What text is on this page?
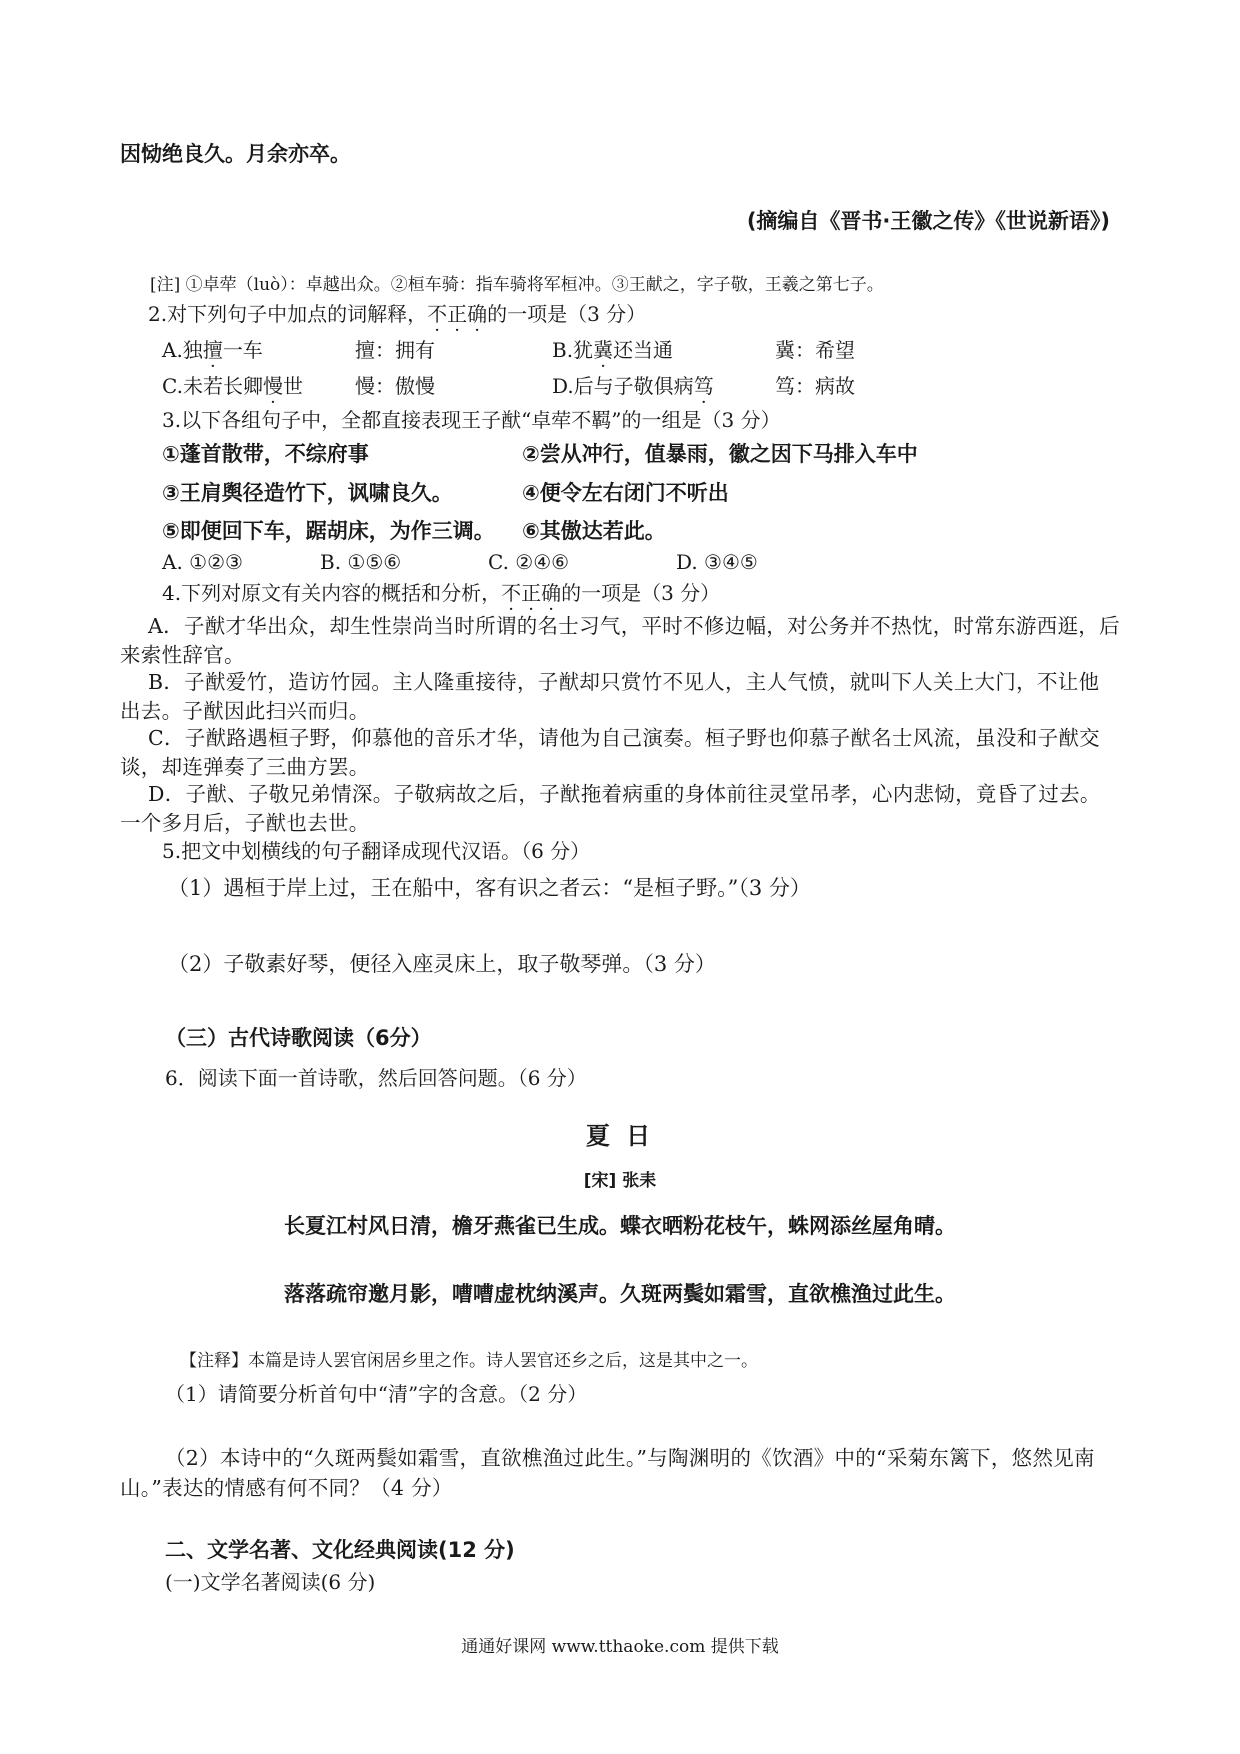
因恸绝良久。月余亦卒。
(摘编自《晋书·王徽之传》《世说新语》)
[注] ①卓荦（luò）：卓越出众。②桓车骑：指车骑将军桓冲。③王献之，字子敬，王羲之第七子。
2.对下列句子中加点的词解释，不正确的一项是（3 分）
A.独擅一车	擅：拥有	B.犹冀还当通	冀：希望
C.未若长卿慢世	慢：傲慢	D.后与子敬俱病笃	笃：病故
3.以下各组句子中，全都直接表现王子猷“卓荦不羁”的一组是（3 分）
①蓬首散带，不综府事	②尝从冲行，值暴雨，徽之因下马排入车中
③王肩舆径造竹下，讽啸良久。	④便令左右闭门不听出
⑤即便回下车，踞胡床，为作三调。 ⑥其傲达若此。
A. ①②③	B. ①⑤⑥	C. ②④⑥	D. ③④⑤
4.下列对原文有关内容的概括和分析，不正确的一项是（3 分）
A．子猷才华出众，却生性崇尚当时所谓的名士习气，平时不修边幅，对公务并不热忱，时常东游西逛，后来索性辞官。
B．子猷爱竹，造访竹园。主人隆重接待，子猷却只赏竹不见人，主人气愤，就叫下人关上大门，不让他出去。子猷因此扫兴而归。
C．子猷路遇桓子野，仰慕他的音乐才华，请他为自己演奏。桓子野也仰慕子猷名士风流，虽没和子猷交谈，却连弹奏了三曲方罢。
D．子猷、子敬兄弟情深。子敬病故之后，子猷拖着病重的身体前往灵堂吊孝，心内悲恸，竟昏了过去。一个多月后，子猷也去世。
5.把文中划横线的句子翻译成现代汉语。（6 分）
（1）遇桓于岸上过，王在船中，客有识之者云：“是桓子野。”（3 分）
（2）子敬素好琴，便径入座灵床上，取子敬琴弹。（3 分）
（三）古代诗歌阅读（6分）
6．阅读下面一首诗歌，然后回答问题。（6 分）
夏 日
[宋] 张耒
长夏江村风日清，檐牙燕雀已生成。蝶衣晒粉花枝午，蛛网添丝屋角晴。
落落疏帘邀月影，嘈嘈虚枕纳溪声。久斑两鬓如霜雪，直欲樵渔过此生。
【注释】本篇是诗人罢官闲居乡里之作。诗人罢官还乡之后，这是其中之一。
（1）请简要分析首句中“清”字的含意。（2 分）
（2）本诗中的“久斑两鬓如霜雪，直欲樵渔过此生。”与陶渊明的《饮酒》中的“采菊东篱下，悠然见南山。”表达的情感有何不同？（4 分）
二、文学名著、文化经典阅读(12 分)
(一)文学名著阅读(6 分)
通通好课网 www.tthaoke.com 提供下载
